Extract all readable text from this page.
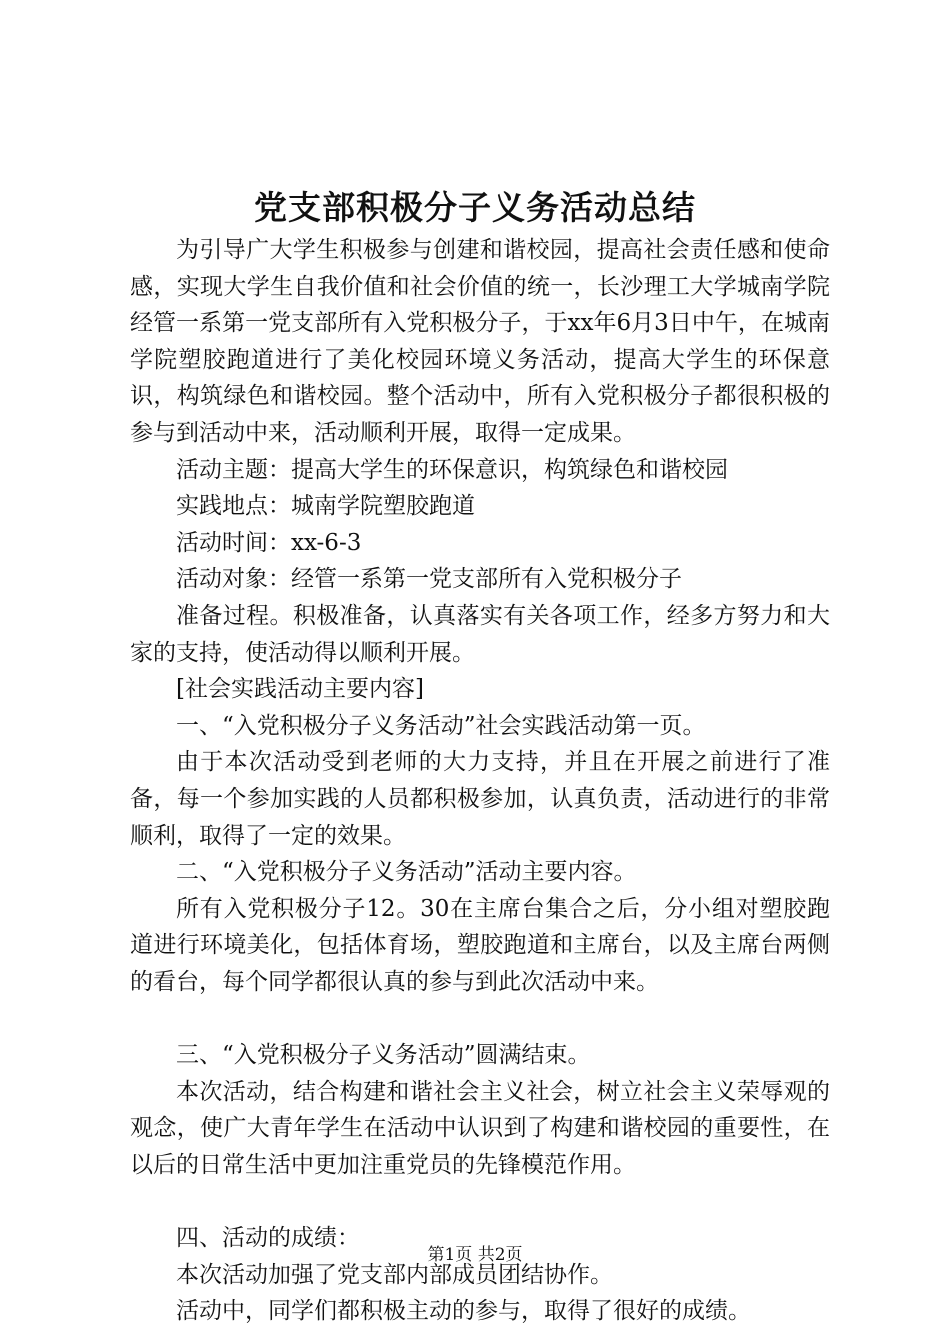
党支部积极分子义务活动总结

为引导广大学生积极参与创建和谐校园，提高社会责任感和使命感，实现大学生自我价值和社会价值的统一，长沙理工大学城南学院经管一系第一党支部所有入党积极分子，于xx年6月3日中午，在城南学院塑胶跑道进行了美化校园环境义务活动，提高大学生的环保意识，构筑绿色和谐校园。整个活动中，所有入党积极分子都很积极的参与到活动中来，活动顺利开展，取得一定成果。

活动主题：提高大学生的环保意识，构筑绿色和谐校园

实践地点：城南学院塑胶跑道

活动时间：xx-6-3

活动对象：经管一系第一党支部所有入党积极分子

准备过程。积极准备，认真落实有关各项工作，经多方努力和大家的支持，使活动得以顺利开展。

[社会实践活动主要内容]

一、“入党积极分子义务活动”社会实践活动第一页。

由于本次活动受到老师的大力支持，并且在开展之前进行了准备，每一个参加实践的人员都积极参加，认真负责，活动进行的非常顺利，取得了一定的效果。

二、“入党积极分子义务活动”活动主要内容。

所有入党积极分子12。30在主席台集合之后，分小组对塑胶跑道进行环境美化，包括体育场，塑胶跑道和主席台，以及主席台两侧的看台，每个同学都很认真的参与到此次活动中来。

三、“入党积极分子义务活动”圆满结束。

本次活动，结合构建和谐社会主义社会，树立社会主义荣辱观的观念，使广大青年学生在活动中认识到了构建和谐校园的重要性，在以后的日常生活中更加注重党员的先锋模范作用。

四、活动的成绩：

本次活动加强了党支部内部成员团结协作。

活动中，同学们都积极主动的参与，取得了很好的成绩。

第1页 共2页
